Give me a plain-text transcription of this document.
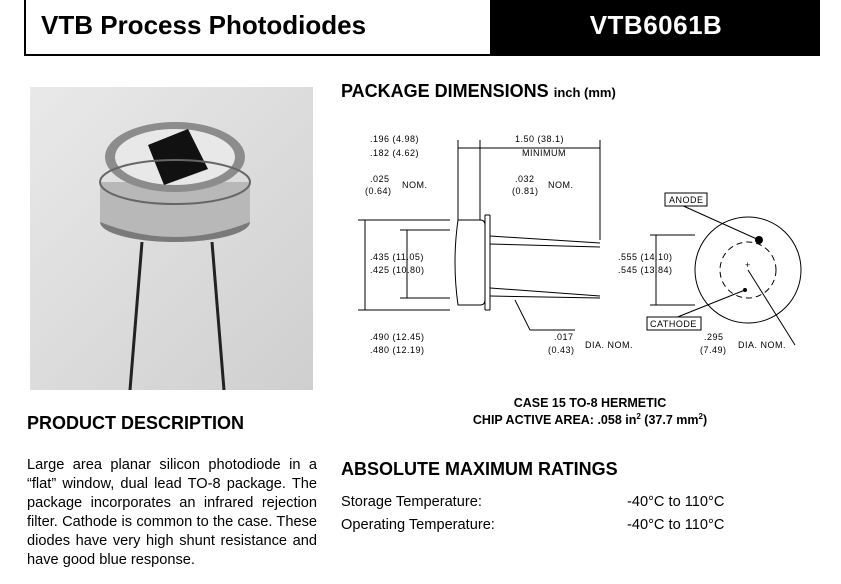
VTB Process Photodiodes	VTB6061B
PACKAGE DIMENSIONS inch (mm)
+
.196 (4.98)
.182 (4.62)
1.50 (38.1)
MINIMUM
.025
(0.64)
NOM.
.032
(0.81)
NOM.
.435 (11.05)
.425 (10.80)
.555 (14.10)
.545 (13.84)
.490 (12.45)
.480 (12.19)
.017
(0.43) DIA. NOM.
.295
(7.49) DIA. NOM.
ANODE
CATHODE
CASE 15 TO-8 HERMETIC
CHIP ACTIVE AREA: .058 $in^2$ (37.7 $mm^2$)
PRODUCT DESCRIPTION
Large area planar silicon photodiode in a “flat” window, dual lead TO-8 package. The package incorporates an infrared rejection filter. Cathode is common to the case. These diodes have very high shunt resistance and have good blue response.
ABSOLUTE MAXIMUM RATINGS
Storage Temperature:	-40°C to 110°C
Operating Temperature:	-40°C to 110°C
